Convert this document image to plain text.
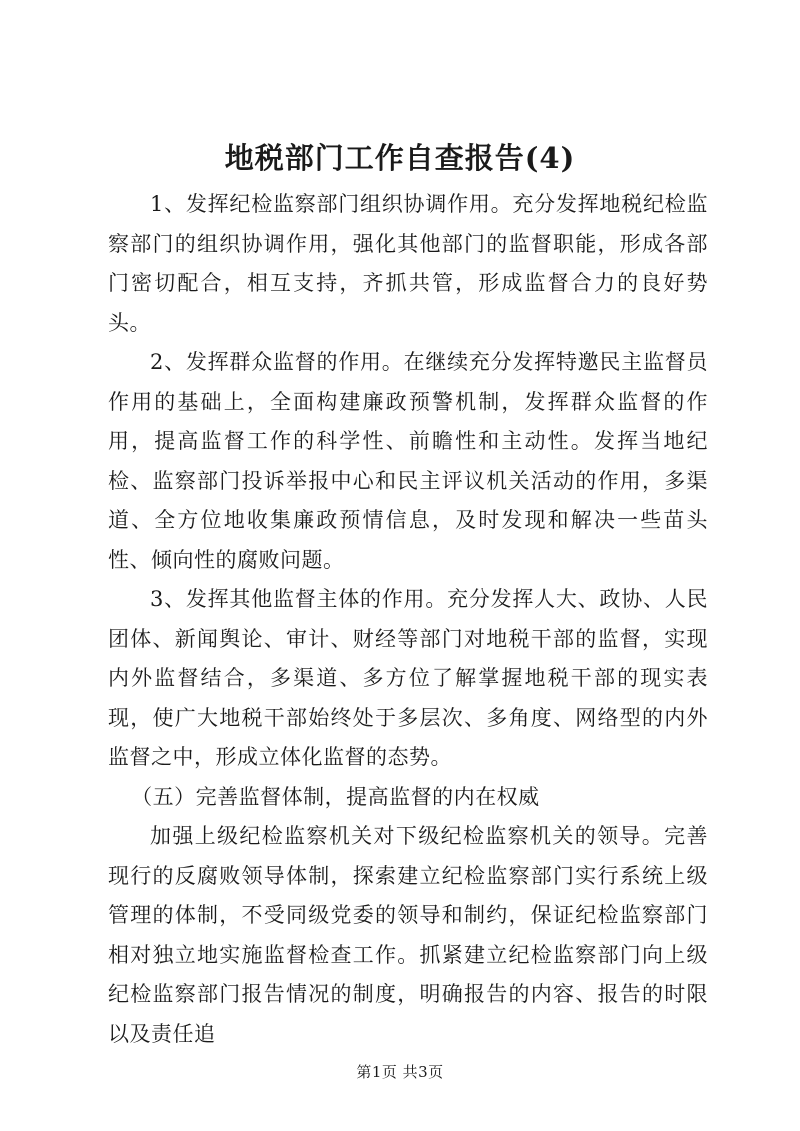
地税部门工作自查报告(4)

1、发挥纪检监察部门组织协调作用。充分发挥地税纪检监察部门的组织协调作用，强化其他部门的监督职能，形成各部门密切配合，相互支持，齐抓共管，形成监督合力的良好势头。

2、发挥群众监督的作用。在继续充分发挥特邀民主监督员作用的基础上，全面构建廉政预警机制，发挥群众监督的作用，提高监督工作的科学性、前瞻性和主动性。发挥当地纪检、监察部门投诉举报中心和民主评议机关活动的作用，多渠道、全方位地收集廉政预情信息，及时发现和解决一些苗头性、倾向性的腐败问题。

3、发挥其他监督主体的作用。充分发挥人大、政协、人民团体、新闻舆论、审计、财经等部门对地税干部的监督，实现内外监督结合，多渠道、多方位了解掌握地税干部的现实表现，使广大地税干部始终处于多层次、多角度、网络型的内外监督之中，形成立体化监督的态势。

（五）完善监督体制，提高监督的内在权威

加强上级纪检监察机关对下级纪检监察机关的领导。完善现行的反腐败领导体制，探索建立纪检监察部门实行系统上级管理的体制，不受同级党委的领导和制约，保证纪检监察部门相对独立地实施监督检查工作。抓紧建立纪检监察部门向上级纪检监察部门报告情况的制度，明确报告的内容、报告的时限以及责任追

第1页 共3页
